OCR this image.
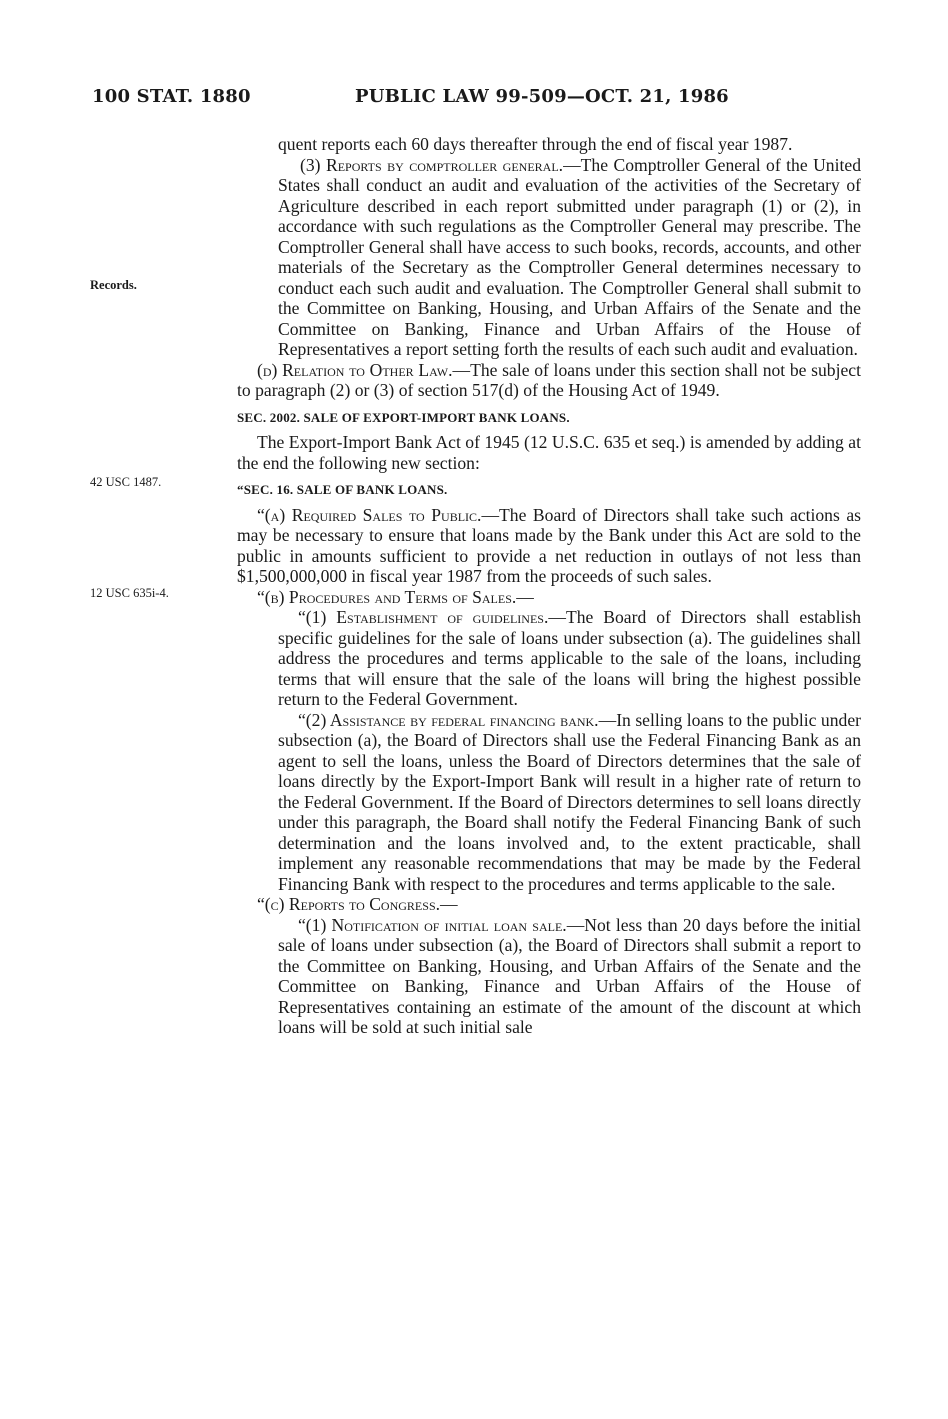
100 STAT. 1880	PUBLIC LAW 99-509—OCT. 21, 1986
Records.
42 USC 1487.
12 USC 635i-4.

quent reports each 60 days thereafter through the end of fiscal year 1987.

(3) Reports by comptroller general.—The Comptroller General of the United States shall conduct an audit and evaluation of the activities of the Secretary of Agriculture described in each report submitted under paragraph (1) or (2), in accordance with such regulations as the Comptroller General may prescribe. The Comptroller General shall have access to such books, records, accounts, and other materials of the Secretary as the Comptroller General determines necessary to conduct each such audit and evaluation. The Comptroller General shall submit to the Committee on Banking, Housing, and Urban Affairs of the Senate and the Committee on Banking, Finance and Urban Affairs of the House of Representatives a report setting forth the results of each such audit and evaluation.

(d) Relation to Other Law.—The sale of loans under this section shall not be subject to paragraph (2) or (3) of section 517(d) of the Housing Act of 1949.

SEC. 2002. SALE OF EXPORT-IMPORT BANK LOANS.

The Export-Import Bank Act of 1945 (12 U.S.C. 635 et seq.) is amended by adding at the end the following new section:

“SEC. 16. SALE OF BANK LOANS.

“(a) Required Sales to Public.—The Board of Directors shall take such actions as may be necessary to ensure that loans made by the Bank under this Act are sold to the public in amounts sufficient to provide a net reduction in outlays of not less than $1,500,000,000 in fiscal year 1987 from the proceeds of such sales.

“(b) Procedures and Terms of Sales.—

“(1) Establishment of guidelines.—The Board of Directors shall establish specific guidelines for the sale of loans under subsection (a). The guidelines shall address the procedures and terms applicable to the sale of the loans, including terms that will ensure that the sale of the loans will bring the highest possible return to the Federal Government.

“(2) Assistance by federal financing bank.—In selling loans to the public under subsection (a), the Board of Directors shall use the Federal Financing Bank as an agent to sell the loans, unless the Board of Directors determines that the sale of loans directly by the Export-Import Bank will result in a higher rate of return to the Federal Government. If the Board of Directors determines to sell loans directly under this paragraph, the Board shall notify the Federal Financing Bank of such determination and the loans involved and, to the extent practicable, shall implement any reasonable recommendations that may be made by the Federal Financing Bank with respect to the procedures and terms applicable to the sale.

“(c) Reports to Congress.—

“(1) Notification of initial loan sale.—Not less than 20 days before the initial sale of loans under subsection (a), the Board of Directors shall submit a report to the Committee on Banking, Housing, and Urban Affairs of the Senate and the Committee on Banking, Finance and Urban Affairs of the House of Representatives containing an estimate of the amount of the discount at which loans will be sold at such initial sale
